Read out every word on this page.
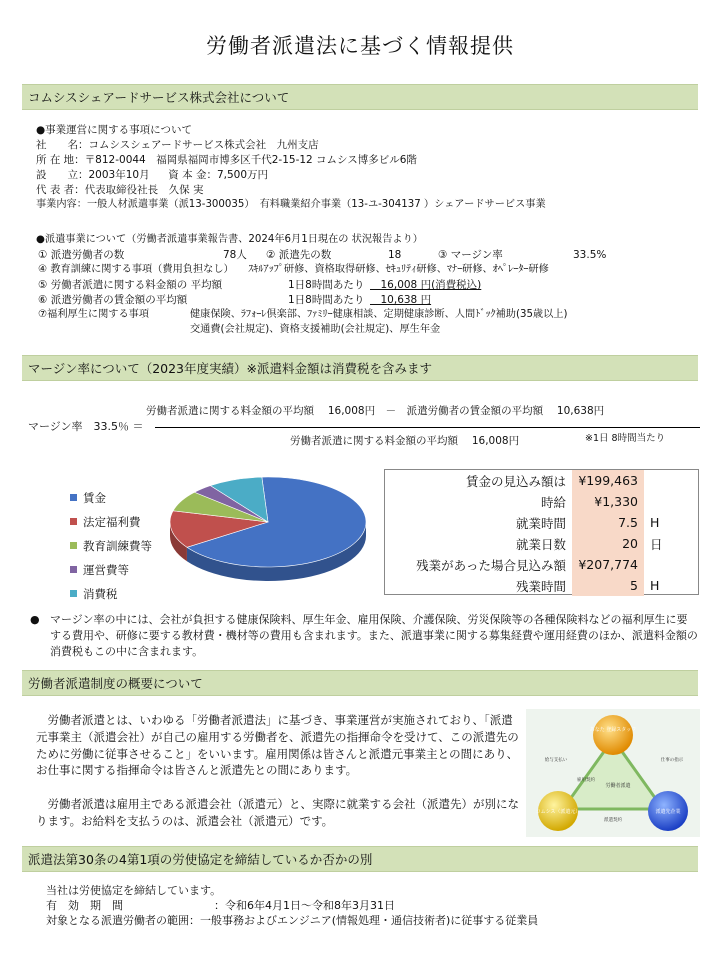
労働者派遣法に基づく情報提供
コムシスシェアードサービス株式会社について
●事業運営に関する事項について
社　　名：コムシスシェアードサービス株式会社　九州支店
所 在 地：〒812-0044　福岡県福岡市博多区千代2-15-12 コムシス博多ビル6階
設　　立：2003年10月 資 本 金：7,500万円
代 表 者：代表取締役社長　久保 実
事業内容：一般人材派遣事業（派13-300035）　有料職業紹介事業（13-ユ-304137 ）シェアードサービス事業
●派遣事業について（労働者派遣事業報告書、2024年6月1日現在の 状況報告より）
① 派遣労働者の数	78人 ② 派遣先の数	18	③ マージン率	33.5%
④ 教育訓練に関する事項（費用負担なし） ｽｷﾙｱｯﾌﾟ研修、資格取得研修、ｾｷｭﾘﾃｨ研修、ﾏﾅｰ研修、ｵﾍﾟﾚｰﾀｰ研修
⑤ 労働者派遣に関する料金額の 平均額	1日8時間あたり 　16,008 円(消費税込)
⑥ 派遣労働者の賃金額の平均額	1日8時間あたり 　10,638 円
⑦福利厚生に関する事項	健康保険、ﾗﾌｫｰﾚ倶楽部、ﾌｧﾐﾘｰ健康相談、定期健康診断、人間ﾄﾞｯｸ補助(35歳以上)
交通費(会社規定)、資格支援補助(会社規定)、厚生年金
マージン率について（2023年度実績）※派遣料金額は消費税を含みます
労働者派遣に関する料金額の平均額　 16,008円　－　派遣労働者の賃金額の平均額　 10,638円
マージン率　33.5％ ＝
労働者派遣に関する料金額の平均額　 16,008円	※1日 8時間当たり
賃金
法定福利費
教育訓練費等
運営費等
消費税
賃金の見込み額は	¥199,463	
時給	¥1,330	
就業時間	7.5	H
就業日数	20	日
残業があった場合見込み額	¥207,774	
残業時間	5	H
● マージン率の中には、会社が負担する健康保険料、厚生年金、雇用保険、介護保険、労災保険等の各種保険料などの福利厚生に要する費用や、研修に要する教材費・機材等の費用も含まれます。また、派遣事業に関する募集経費や運用経費のほか、派遣料金額の消費税もこの中に含まれます。
労働者派遣制度の概要について
　労働者派遣とは、いわゆる「労働者派遣法」に基づき、事業運営が実施されており、「派遣元事業主（派遣会社）が自己の雇用する労働者を、派遣先の指揮命令を受けて、この派遣先のために労働に従事させること」をいいます。雇用関係は皆さんと派遣元事業主との間にあり、お仕事に関する指揮命令は皆さんと派遣先との間にあります。
　労働者派遣は雇用主である派遣会社（派遣元）と、実際に就業する会社（派遣先）が別になります。お給料を支払うのは、派遣会社（派遣元）です。
あなた 登録スタッフ
コムシス（派遣元）	派遣先企業
労働者派遣
給与支払い
雇用契約
仕事の指示
派遣契約
派遣法第30条の4第1項の労使協定を締結しているか否かの別
当社は労使協定を締結しています。
有　効　期　間	：令和6年4月1日〜令和8年3月31日
対象となる派遣労働者の範囲：一般事務およびエンジニア(情報処理・通信技術者)に従事する従業員
